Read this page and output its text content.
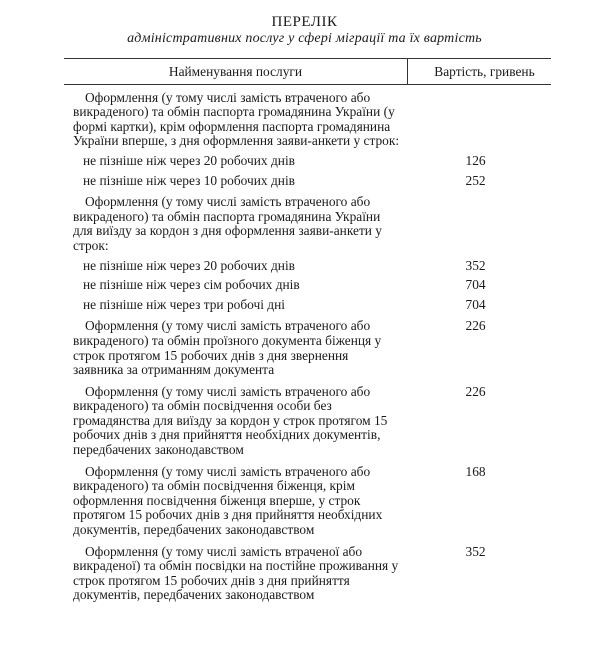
ПЕРЕЛІК
адміністративних послуг у сфері міграції та їх вартість
Найменування послуги	Вартість, гривень

Оформлення (у тому числі замість втраченого або викраденого) та обмін паспорта громадянина України (у формі картки), крім оформлення паспорта громадянина України вперше, з дня оформлення заяви-анкети у строк:	

не пізніше ніж через 20 робочих днів	126

не пізніше ніж через 10 робочих днів	252

Оформлення (у тому числі замість втраченого або викраденого) та обмін паспорта громадянина України для виїзду за кордон з дня оформлення заяви-анкети у строк:	

не пізніше ніж через 20 робочих днів	352

не пізніше ніж через сім робочих днів	704

не пізніше ніж через три робочі дні	704

Оформлення (у тому числі замість втраченого або викраденого) та обмін проїзного документа біженця у строк протягом 15 робочих днів з дня звернення заявника за отриманням документа	226

Оформлення (у тому числі замість втраченого або викраденого) та обмін посвідчення особи без громадянства для виїзду за кордон у строк протягом 15 робочих днів з дня прийняття необхідних документів, передбачених законодавством	226

Оформлення (у тому числі замість втраченого або викраденого) та обмін посвідчення біженця, крім оформлення посвідчення біженця вперше, у строк протягом 15 робочих днів з дня прийняття необхідних документів, передбачених законодавством	168

Оформлення (у тому числі замість втраченої або викраденої) та обмін посвідки на постійне проживання у строк протягом 15 робочих днів з дня прийняття документів, передбачених законодавством	352
